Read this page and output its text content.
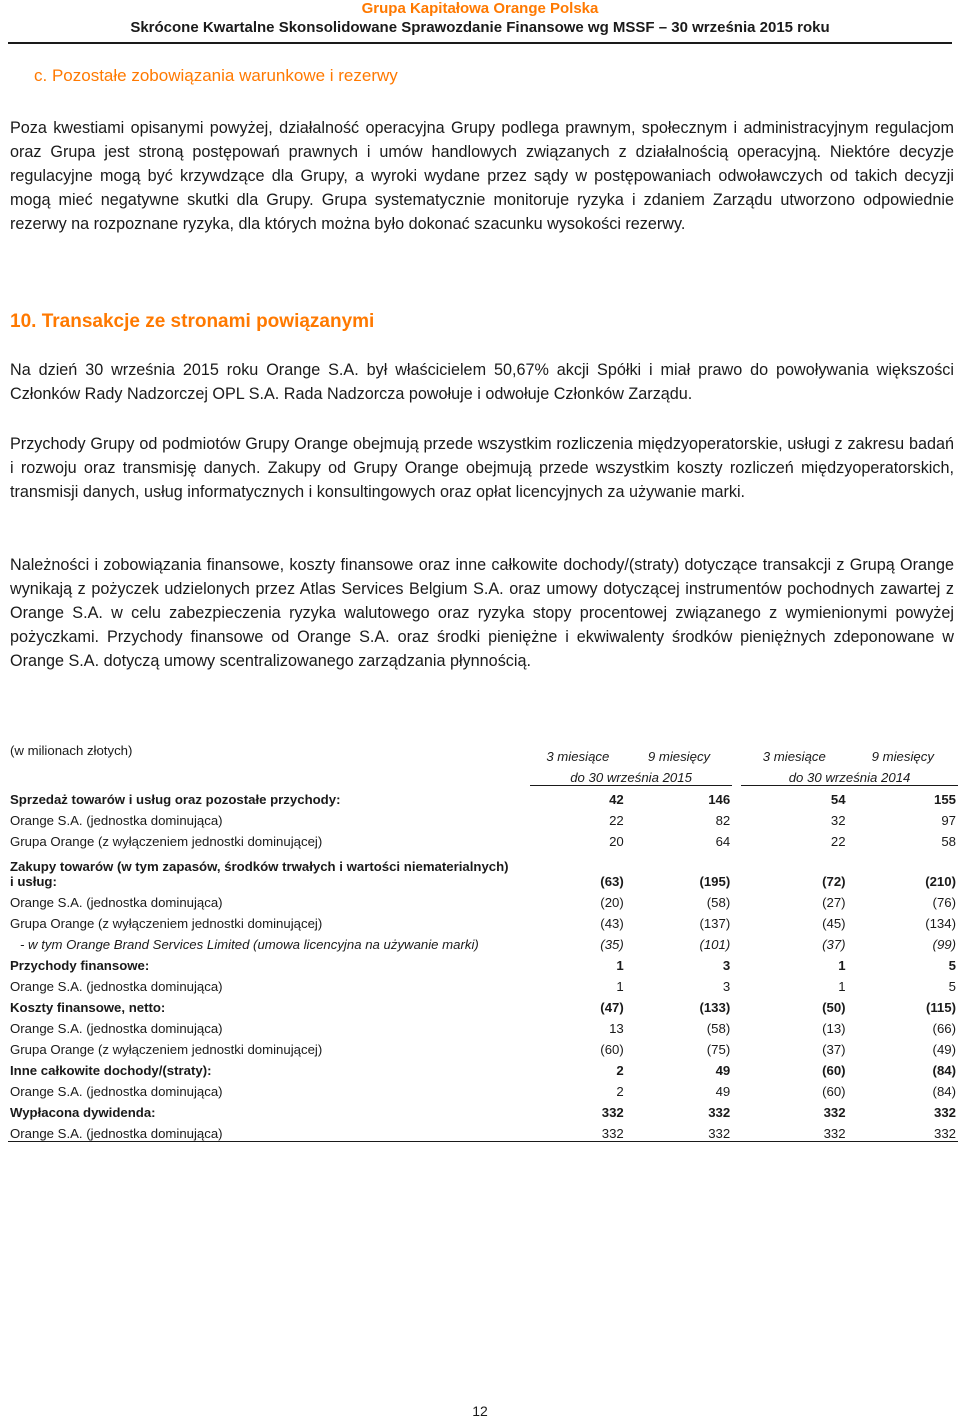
Grupa Kapitałowa Orange Polska
Skrócone Kwartalne Skonsolidowane Sprawozdanie Finansowe wg MSSF – 30 września 2015 roku
c. Pozostałe zobowiązania warunkowe i rezerwy

Poza kwestiami opisanymi powyżej, działalność operacyjna Grupy podlega prawnym, społecznym i administracyjnym regulacjom oraz Grupa jest stroną postępowań prawnych i umów handlowych związanych z działalnością operacyjną. Niektóre decyzje regulacyjne mogą być krzywdzące dla Grupy, a wyroki wydane przez sądy w postępowaniach odwoławczych od takich decyzji mogą mieć negatywne skutki dla Grupy. Grupa systematycznie monitoruje ryzyka i zdaniem Zarządu utworzono odpowiednie rezerwy na rozpoznane ryzyka, dla których można było dokonać szacunku wysokości rezerwy.

10. Transakcje ze stronami powiązanymi

Na dzień 30 września 2015 roku Orange S.A. był właścicielem 50,67% akcji Spółki i miał prawo do powoływania większości Członków Rady Nadzorczej OPL S.A. Rada Nadzorcza powołuje i odwołuje Członków Zarządu.

Przychody Grupy od podmiotów Grupy Orange obejmują przede wszystkim rozliczenia międzyoperatorskie, usługi z zakresu badań i rozwoju oraz transmisję danych. Zakupy od Grupy Orange obejmują przede wszystkim koszty rozliczeń międzyoperatorskich, transmisji danych, usług informatycznych i konsultingowych oraz opłat licencyjnych za używanie marki.

Należności i zobowiązania finansowe, koszty finansowe oraz inne całkowite dochody/(straty) dotyczące transakcji z Grupą Orange wynikają z pożyczek udzielonych przez Atlas Services Belgium S.A. oraz umowy dotyczącej instrumentów pochodnych zawartej z Orange S.A. w celu zabezpieczenia ryzyka walutowego oraz ryzyka stopy procentowej związanego z wymienionymi powyżej pożyczkami. Przychody finansowe od Orange S.A. oraz środki pieniężne i ekwiwalenty środków pieniężnych zdeponowane w Orange S.A. dotyczą umowy scentralizowanego zarządzania płynnością.

(w milionach złotych)	3 miesiące	9 miesięcy		3 miesiące	9 miesięcy
	do 30 września 2015			do 30 września 2014	
Sprzedaż towarów i usług oraz pozostałe przychody:	42	146		54	155
Orange S.A. (jednostka dominująca)	22	82		32	97
Grupa Orange (z wyłączeniem jednostki dominującej)	20	64		22	58
Zakupy towarów (w tym zapasów, środków trwałych i wartości niematerialnych)
i usług:	(63)	(195)		(72)	(210)
Orange S.A. (jednostka dominująca)	(20)	(58)		(27)	(76)
Grupa Orange (z wyłączeniem jednostki dominującej)	(43)	(137)		(45)	(134)
- w tym Orange Brand Services Limited (umowa licencyjna na używanie marki)	(35)	(101)		(37)	(99)
Przychody finansowe:	1	3		1	5
Orange S.A. (jednostka dominująca)	1	3		1	5
Koszty finansowe, netto:	(47)	(133)		(50)	(115)
Orange S.A. (jednostka dominująca)	13	(58)		(13)	(66)
Grupa Orange (z wyłączeniem jednostki dominującej)	(60)	(75)		(37)	(49)
Inne całkowite dochody/(straty):	2	49		(60)	(84)
Orange S.A. (jednostka dominująca)	2	49		(60)	(84)
Wypłacona dywidenda:	332	332		332	332
Orange S.A. (jednostka dominująca)	332	332		332	332
12
